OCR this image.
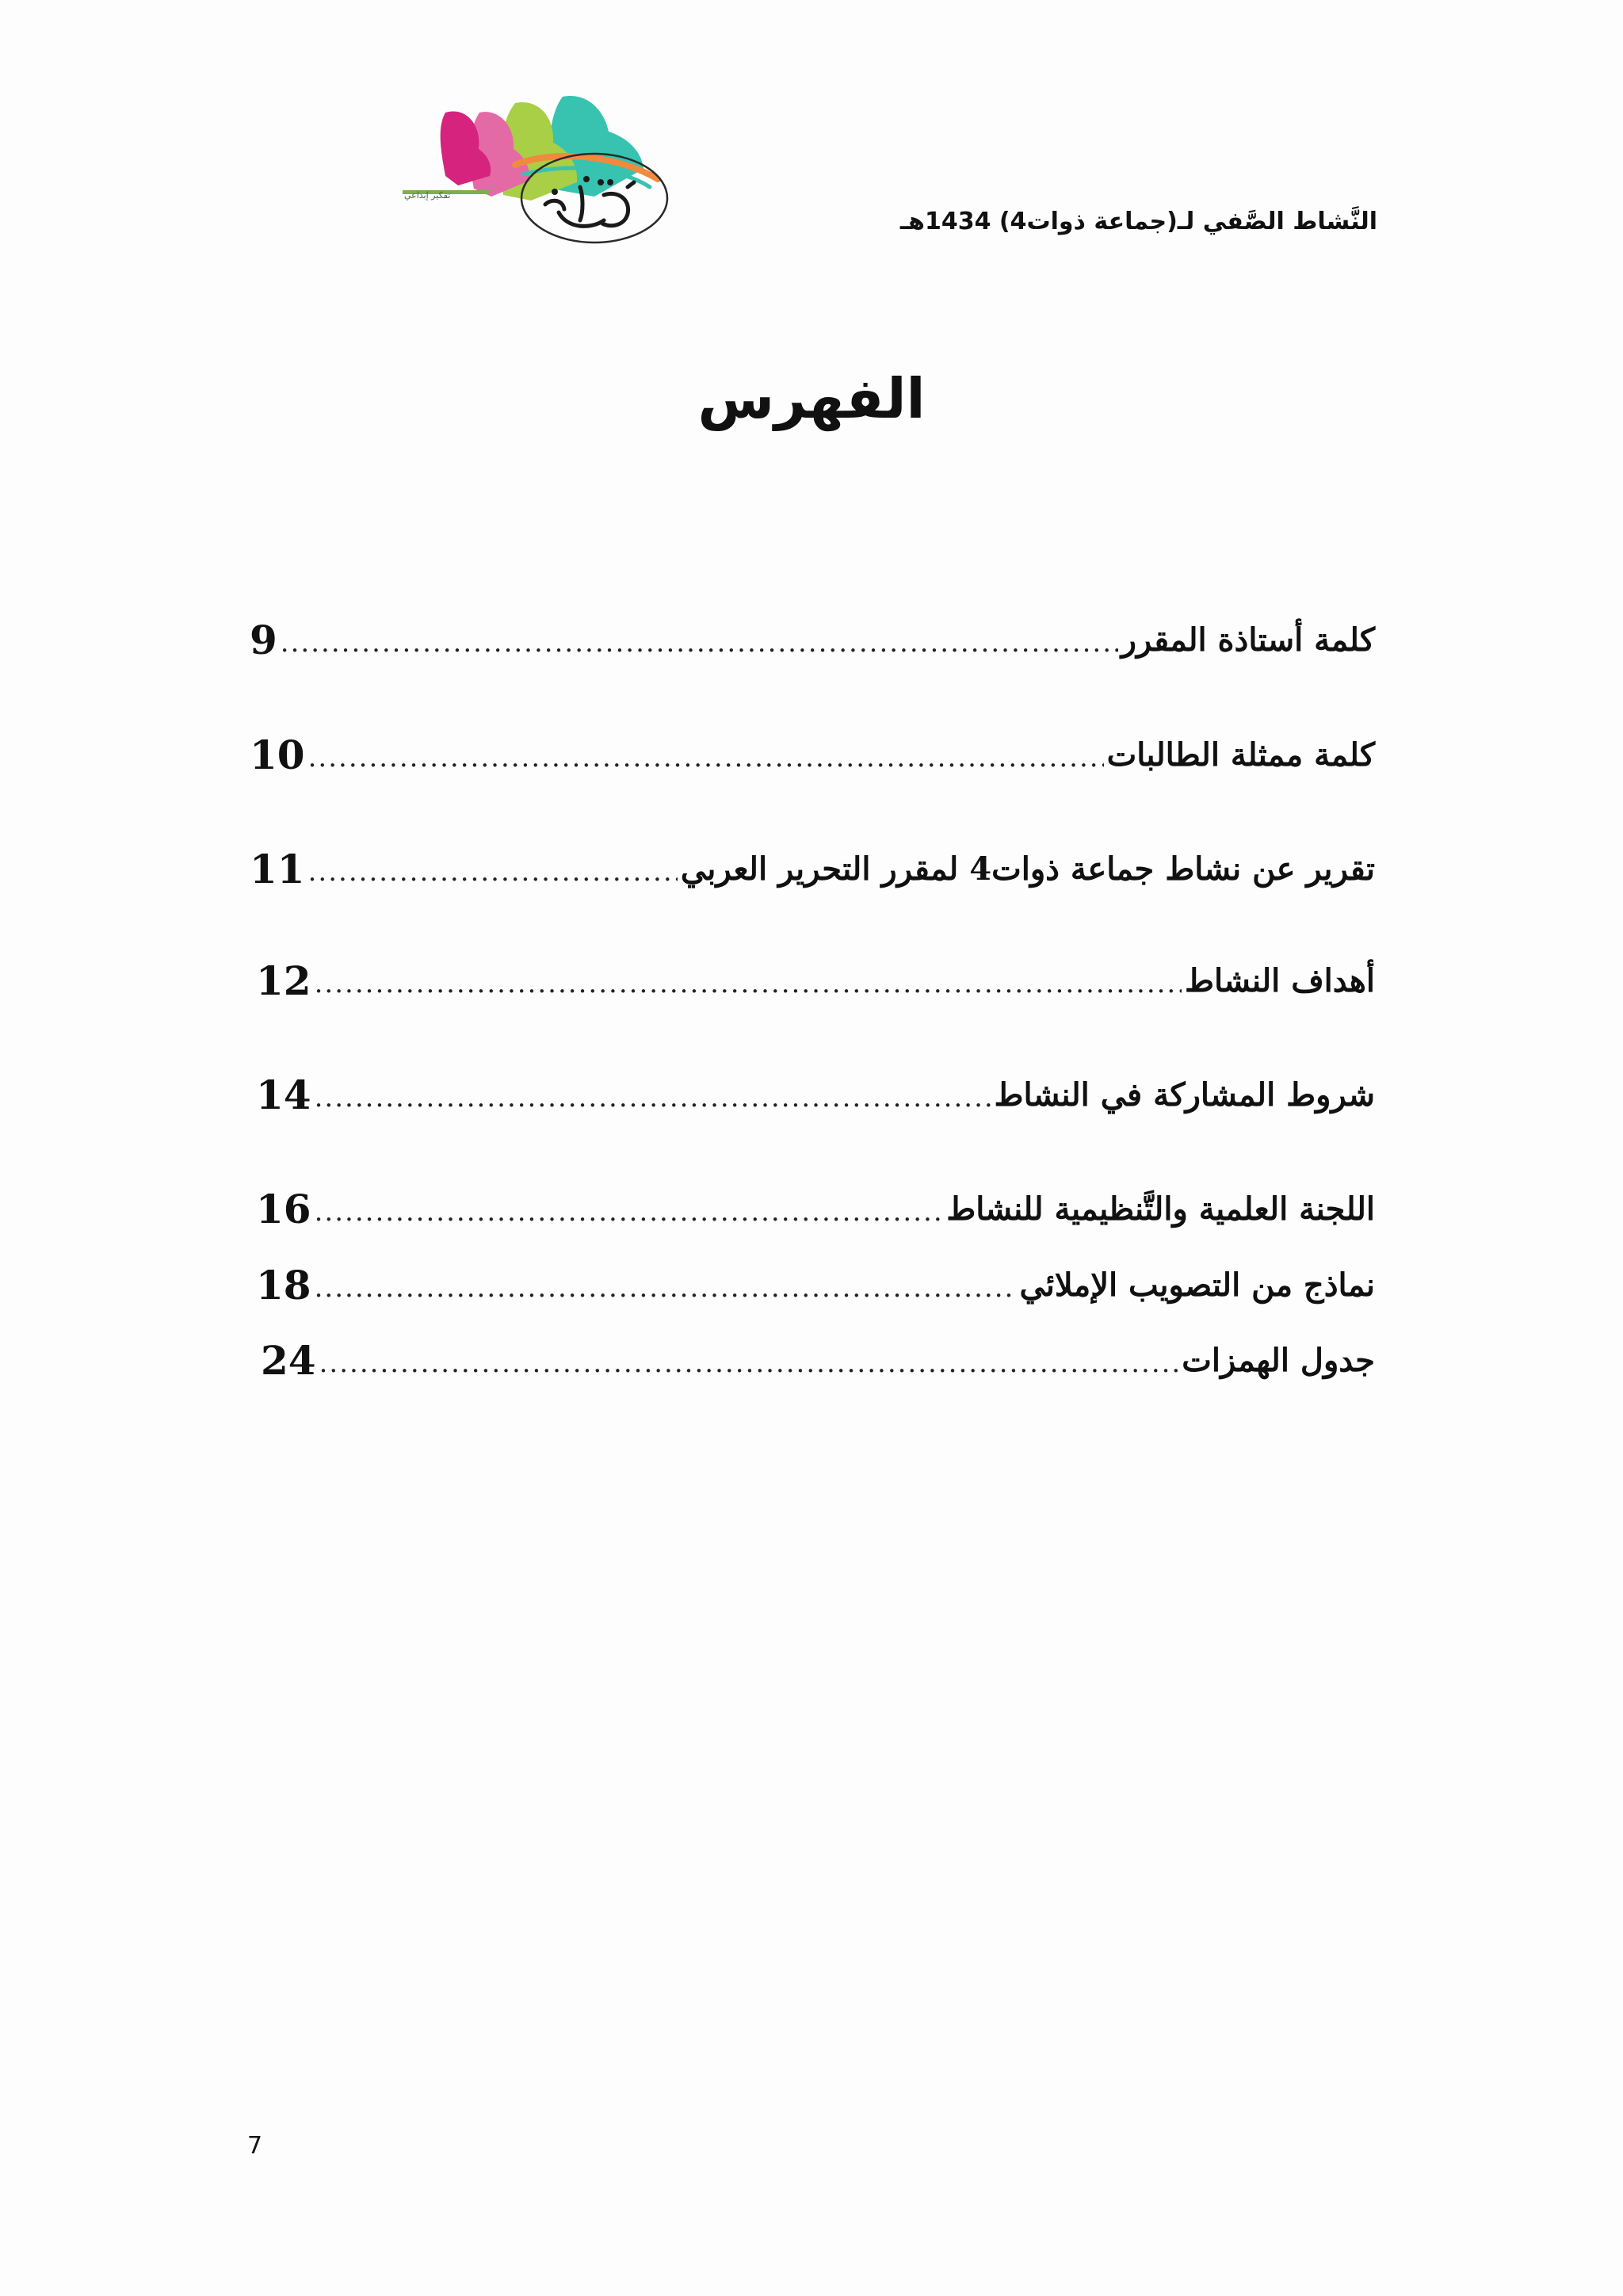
تفكير إبداعي
النَّشاط الصَّفي لـ(جماعة ذوات4) 1434هـ
الفهرس
9 .....	كلمة أستاذة المقرر
10 .....	كلمة ممثلة الطالبات
11 .....	تقرير عن نشاط جماعة ذوات4 لمقرر التحرير العربي
12 .....	أهداف النشاط
14 .....	شروط المشاركة في النشاط
16 .....	اللجنة العلمية والتَّنظيمية للنشاط
18 .....	نماذج من التصويب الإملائي
24 .....	جدول الهمزات
7
